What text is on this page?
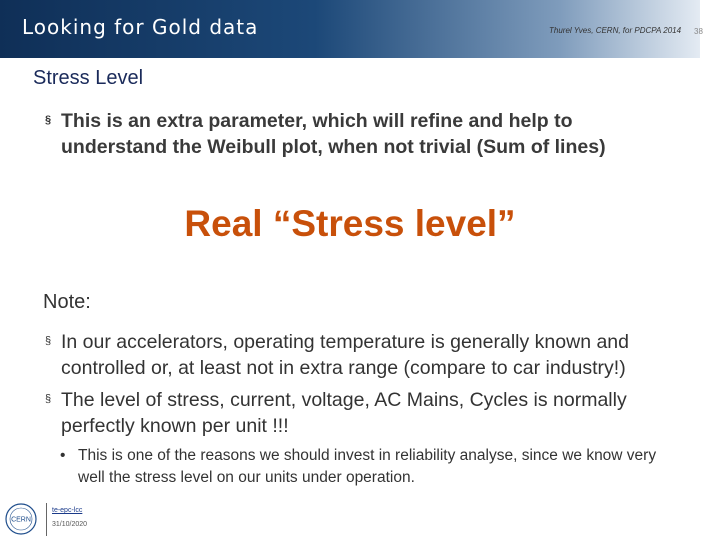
Looking for Gold data	Thurel Yves, CERN, for PDCPA 2014 38
Stress Level
§ This is an extra parameter, which will refine and help to understand the Weibull plot, when not trivial (Sum of lines)
Real “Stress level”
Note:
§ In our accelerators, operating temperature is generally known and controlled or, at least not in extra range (compare to car industry!)
§ The level of stress, current, voltage, AC Mains, Cycles is normally perfectly known per unit !!!
• This is one of the reasons we should invest in reliability analyse, since we know very well the stress level on our units under operation.
CERN
te-epc-lcc
31/10/2020
